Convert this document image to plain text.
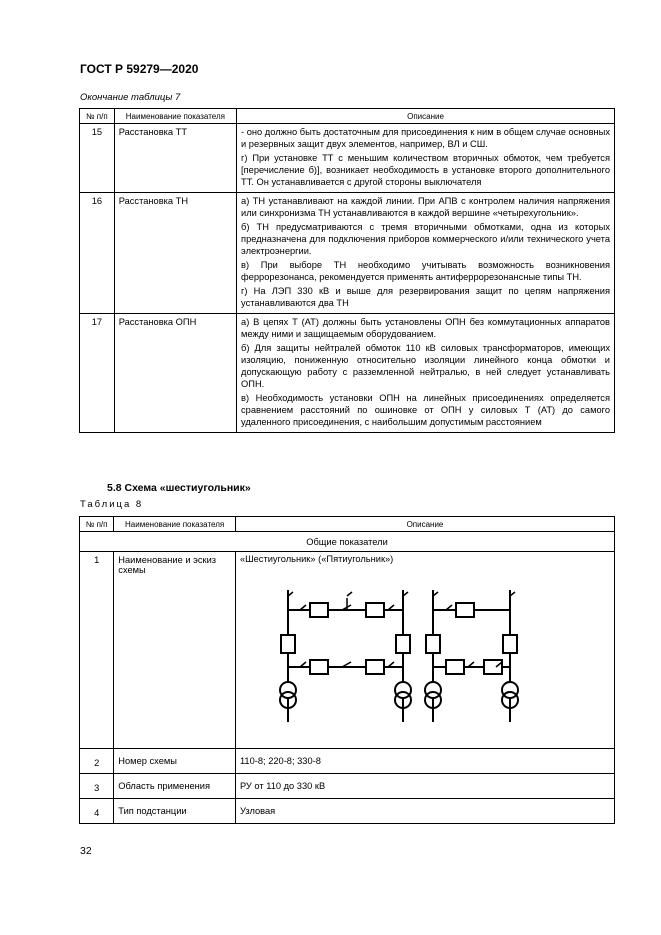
ГОСТ Р 59279—2020
Окончание таблицы 7
№ п/п	Наименование показателя	Описание
15	Расстановка ТТ	- оно должно быть достаточным для присоединения к ним в общем случае основных и резервных защит двух элементов, например, ВЛ и СШ.
г) При установке ТТ с меньшим количеством вторичных обмоток, чем требуется [перечисление б)], возникает необходимость в установке второго дополнительного ТТ. Он устанавливается с другой стороны выключателя

16	Расстановка ТН	а) ТН устанавливают на каждой линии. При АПВ с контролем наличия напряжения или синхронизма ТН устанавливаются в каждой вершине «четырехугольник».
б) ТН предусматриваются с тремя вторичными обмотками, одна из которых предназначена для подключения приборов коммерческого и/или технического учета электроэнергии.
в) При выборе ТН необходимо учитывать возможность возникновения феррорезонанса, рекомендуется применять антиферрорезонансные типы ТН.
г) На ЛЭП 330 кВ и выше для резервирования защит по цепям напряжения устанавливаются два ТН

17	Расстановка ОПН	а) В цепях Т (АТ) должны быть установлены ОПН без коммутационных аппаратов между ними и защищаемым оборудованием.
б) Для защиты нейтралей обмоток 110 кВ силовых трансформаторов, имеющих изоляцию, пониженную относительно изоляции линейного конца обмотки и допускающую работу с разземленной нейтралью, в ней следует устанавливать ОПН.
в) Необходимость установки ОПН на линейных присоединениях определяется сравнением расстояний по ошиновке от ОПН у силовых Т (АТ) до самого удаленного присоединения, с наибольшим допустимым расстоянием
5.8 Схема «шестиугольник»
Таблица 8
№ п/п	Наименование показателя	Описание
Общие показатели		
1	Наименование и эскиз схемы	«Шестиугольник» («Пятиугольник»)

2	Номер схемы	110-8; 220-8; 330-8
3	Область применения	РУ от 110 до 330 кВ
4	Тип подстанции	Узловая
32
